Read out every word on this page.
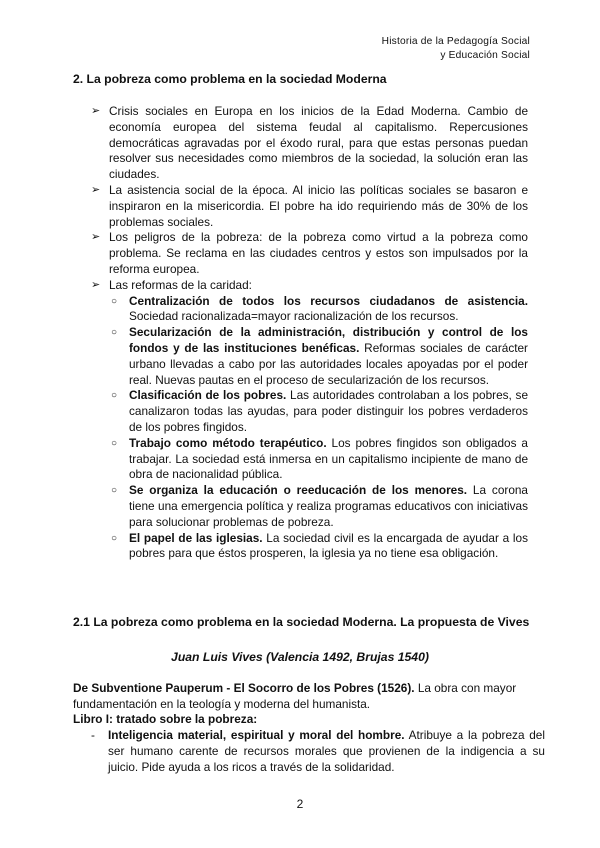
Historia de la Pedagogía Social
y Educación Social
2. La pobreza como problema en la sociedad Moderna
➢ Crisis sociales en Europa en los inicios de la Edad Moderna. Cambio de economía europea del sistema feudal al capitalismo. Repercusiones democráticas agravadas por el éxodo rural, para que estas personas puedan resolver sus necesidades como miembros de la sociedad, la solución eran las ciudades.
➢ La asistencia social de la época. Al inicio las políticas sociales se basaron e inspiraron en la misericordia. El pobre ha ido requiriendo más de 30% de los problemas sociales.
➢ Los peligros de la pobreza: de la pobreza como virtud a la pobreza como problema. Se reclama en las ciudades centros y estos son impulsados por la reforma europea.
➢ Las reformas de la caridad:
○ Centralización de todos los recursos ciudadanos de asistencia. Sociedad racionalizada=mayor racionalización de los recursos.
○ Secularización de la administración, distribución y control de los fondos y de las instituciones benéficas. Reformas sociales de carácter urbano llevadas a cabo por las autoridades locales apoyadas por el poder real. Nuevas pautas en el proceso de secularización de los recursos.
○ Clasificación de los pobres. Las autoridades controlaban a los pobres, se canalizaron todas las ayudas, para poder distinguir los pobres verdaderos de los pobres fingidos.
○ Trabajo como método terapéutico. Los pobres fingidos son obligados a trabajar. La sociedad está inmersa en un capitalismo incipiente de mano de obra de nacionalidad pública.
○ Se organiza la educación o reeducación de los menores. La corona tiene una emergencia política y realiza programas educativos con iniciativas para solucionar problemas de pobreza.
○ El papel de las iglesias. La sociedad civil es la encargada de ayudar a los pobres para que éstos prosperen, la iglesia ya no tiene esa obligación.
2.1 La pobreza como problema en la sociedad Moderna. La propuesta de Vives
Juan Luis Vives (Valencia 1492, Brujas 1540)
De Subventione Pauperum - El Socorro de los Pobres (1526). La obra con mayor fundamentación en la teología y moderna del humanista.
Libro I: tratado sobre la pobreza:
- Inteligencia material, espiritual y moral del hombre. Atribuye a la pobreza del ser humano carente de recursos morales que provienen de la indigencia a su juicio. Pide ayuda a los ricos a través de la solidaridad.
2
